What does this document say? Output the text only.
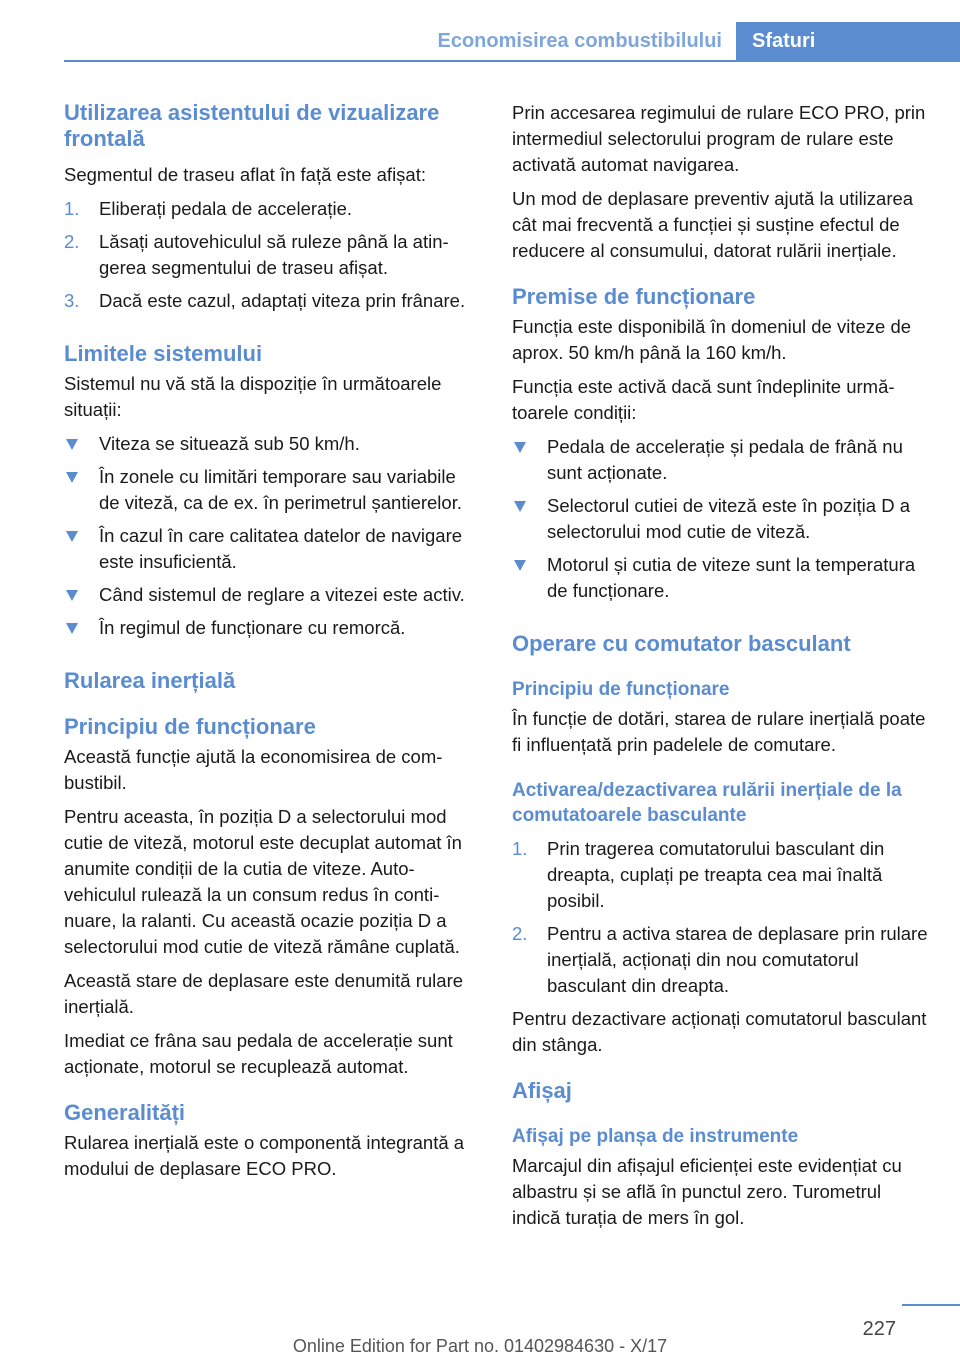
Economisirea combustibilului	Sfaturi
Utilizarea asistentului de vizualizare frontală

Segmentul de traseu aflat în față este afișat:

1.	Eliberați pedala de accelerație.
2.	Lăsați autovehiculul să ruleze până la atingerea segmentului de traseu afișat.
3.	Dacă este cazul, adaptați viteza prin frânare.
Limitele sistemului

Sistemul nu vă stă la dispoziție în următoarele situații:

Viteza se situează sub 50 km/h.
În zonele cu limitări temporare sau variabile de viteză, ca de ex. în perimetrul șantierelor.
În cazul în care calitatea datelor de navigare este insuficientă.
Când sistemul de reglare a vitezei este activ.
În regimul de funcționare cu remorcă.
Rularea inerțială
Principiu de funcționare

Această funcție ajută la economisirea de combustibil.

Pentru aceasta, în poziția D a selectorului mod cutie de viteză, motorul este decuplat automat în anumite condiții de la cutia de viteze. Autovehiculul rulează la un consum redus în continuare, la ralanti. Cu această ocazie poziția D a selectorului mod cutie de viteză rămâne cuplată.

Această stare de deplasare este denumită rulare inerțială.

Imediat ce frâna sau pedala de accelerație sunt acționate, motorul se recuplează automat.

Generalități

Rularea inerțială este o componentă integrantă a modului de deplasare ECO PRO.

Prin accesarea regimului de rulare ECO PRO, prin intermediul selectorului program de rulare este activată automat navigarea.

Un mod de deplasare preventiv ajută la utilizarea cât mai frecventă a funcției și susține efectul de reducere al consumului, datorat rulării inerțiale.

Premise de funcționare

Funcția este disponibilă în domeniul de viteze de aprox. 50 km/h până la 160 km/h.

Funcția este activă dacă sunt îndeplinite următoarele condiții:

Pedala de accelerație și pedala de frână nu sunt acționate.
Selectorul cutiei de viteză este în poziția D a selectorului mod cutie de viteză.
Motorul și cutia de viteze sunt la temperatura de funcționare.
Operare cu comutator basculant
Principiu de funcționare

În funcție de dotări, starea de rulare inerțială poate fi influențată prin padelele de comutare.

Activarea/dezactivarea rulării inerțiale de la comutatoarele basculante
1.	Prin tragerea comutatorului basculant din dreapta, cuplați pe treapta cea mai înaltă posibil.
2.	Pentru a activa starea de deplasare prin rulare inerțială, acționați din nou comutatorul basculant din dreapta.

Pentru dezactivare acționați comutatorul basculant din stânga.

Afișaj
Afișaj pe planșa de instrumente

Marcajul din afișajul eficienței este evidențiat cu albastru și se află în punctul zero. Turometrul indică turația de mers în gol.

227
Online Edition for Part no. 01402984630 - X/17
